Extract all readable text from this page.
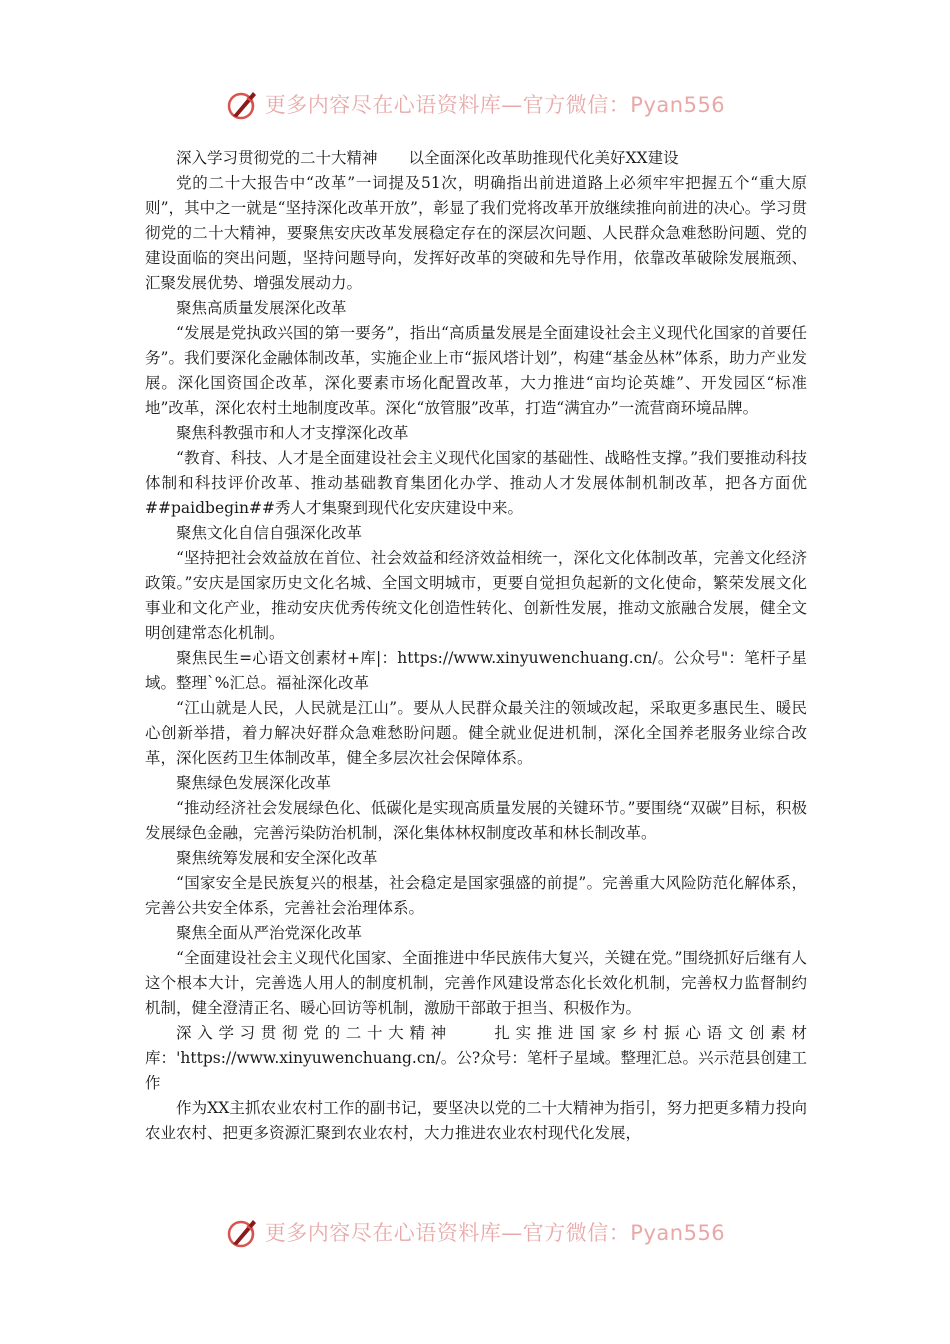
更多内容尽在心语资料库—官方微信：Pyan556

深入学习贯彻党的二十大精神　　以全面深化改革助推现代化美好XX建设

党的二十大报告中“改革”一词提及51次，明确指出前进道路上必须牢牢把握五个“重大原则”，其中之一就是“坚持深化改革开放”，彰显了我们党将改革开放继续推向前进的决心。学习贯彻党的二十大精神，要聚焦安庆改革发展稳定存在的深层次问题、人民群众急难愁盼问题、党的建设面临的突出问题，坚持问题导向，发挥好改革的突破和先导作用，依靠改革破除发展瓶颈、汇聚发展优势、增强发展动力。

聚焦高质量发展深化改革

“发展是党执政兴国的第一要务”，指出“高质量发展是全面建设社会主义现代化国家的首要任务”。我们要深化金融体制改革，实施企业上市“振风塔计划”，构建“基金丛林”体系，助力产业发展。深化国资国企改革，深化要素市场化配置改革，大力推进“亩均论英雄”、开发园区“标准地”改革，深化农村土地制度改革。深化“放管服”改革，打造“满宜办”一流营商环境品牌。

聚焦科教强市和人才支撑深化改革

“教育、科技、人才是全面建设社会主义现代化国家的基础性、战略性支撑。”我们要推动科技体制和科技评价改革、推动基础教育集团化办学、推动人才发展体制机制改革，把各方面优##paidbegin##秀人才集聚到现代化安庆建设中来。

聚焦文化自信自强深化改革

“坚持把社会效益放在首位、社会效益和经济效益相统一，深化文化体制改革，完善文化经济政策。”安庆是国家历史文化名城、全国文明城市，更要自觉担负起新的文化使命，繁荣发展文化事业和文化产业，推动安庆优秀传统文化创造性转化、创新性发展，推动文旅融合发展，健全文明创建常态化机制。

聚焦民生=心语文创素材+库|：https://www.xinyuwenchuang.cn/。公众号"：笔杆子星域。整理`%汇总。福祉深化改革

“江山就是人民，人民就是江山”。要从人民群众最关注的领域改起，采取更多惠民生、暖民心创新举措，着力解决好群众急难愁盼问题。健全就业促进机制，深化全国养老服务业综合改革，深化医药卫生体制改革，健全多层次社会保障体系。

聚焦绿色发展深化改革

“推动经济社会发展绿色化、低碳化是实现高质量发展的关键环节。”要围绕“双碳”目标，积极发展绿色金融，完善污染防治机制，深化集体林权制度改革和林长制改革。

聚焦统筹发展和安全深化改革

“国家安全是民族复兴的根基，社会稳定是国家强盛的前提”。完善重大风险防范化解体系，完善公共安全体系，完善社会治理体系。

聚焦全面从严治党深化改革

“全面建设社会主义现代化国家、全面推进中华民族伟大复兴，关键在党。”围绕抓好后继有人这个根本大计，完善选人用人的制度机制，完善作风建设常态化长效化机制，完善权力监督制约机制，健全澄清正名、暖心回访等机制，激励干部敢于担当、积极作为。

深入学习贯彻党的二十大精神　　扎实推进国家乡村振心语文创素材库：'https://www.xinyuwenchuang.cn/。公?众号：笔杆子星域。整理汇总。兴示范县创建工作

作为XX主抓农业农村工作的副书记，要坚决以党的二十大精神为指引，努力把更多精力投向农业农村、把更多资源汇聚到农业农村，大力推进农业农村现代化发展，

更多内容尽在心语资料库—官方微信：Pyan556
